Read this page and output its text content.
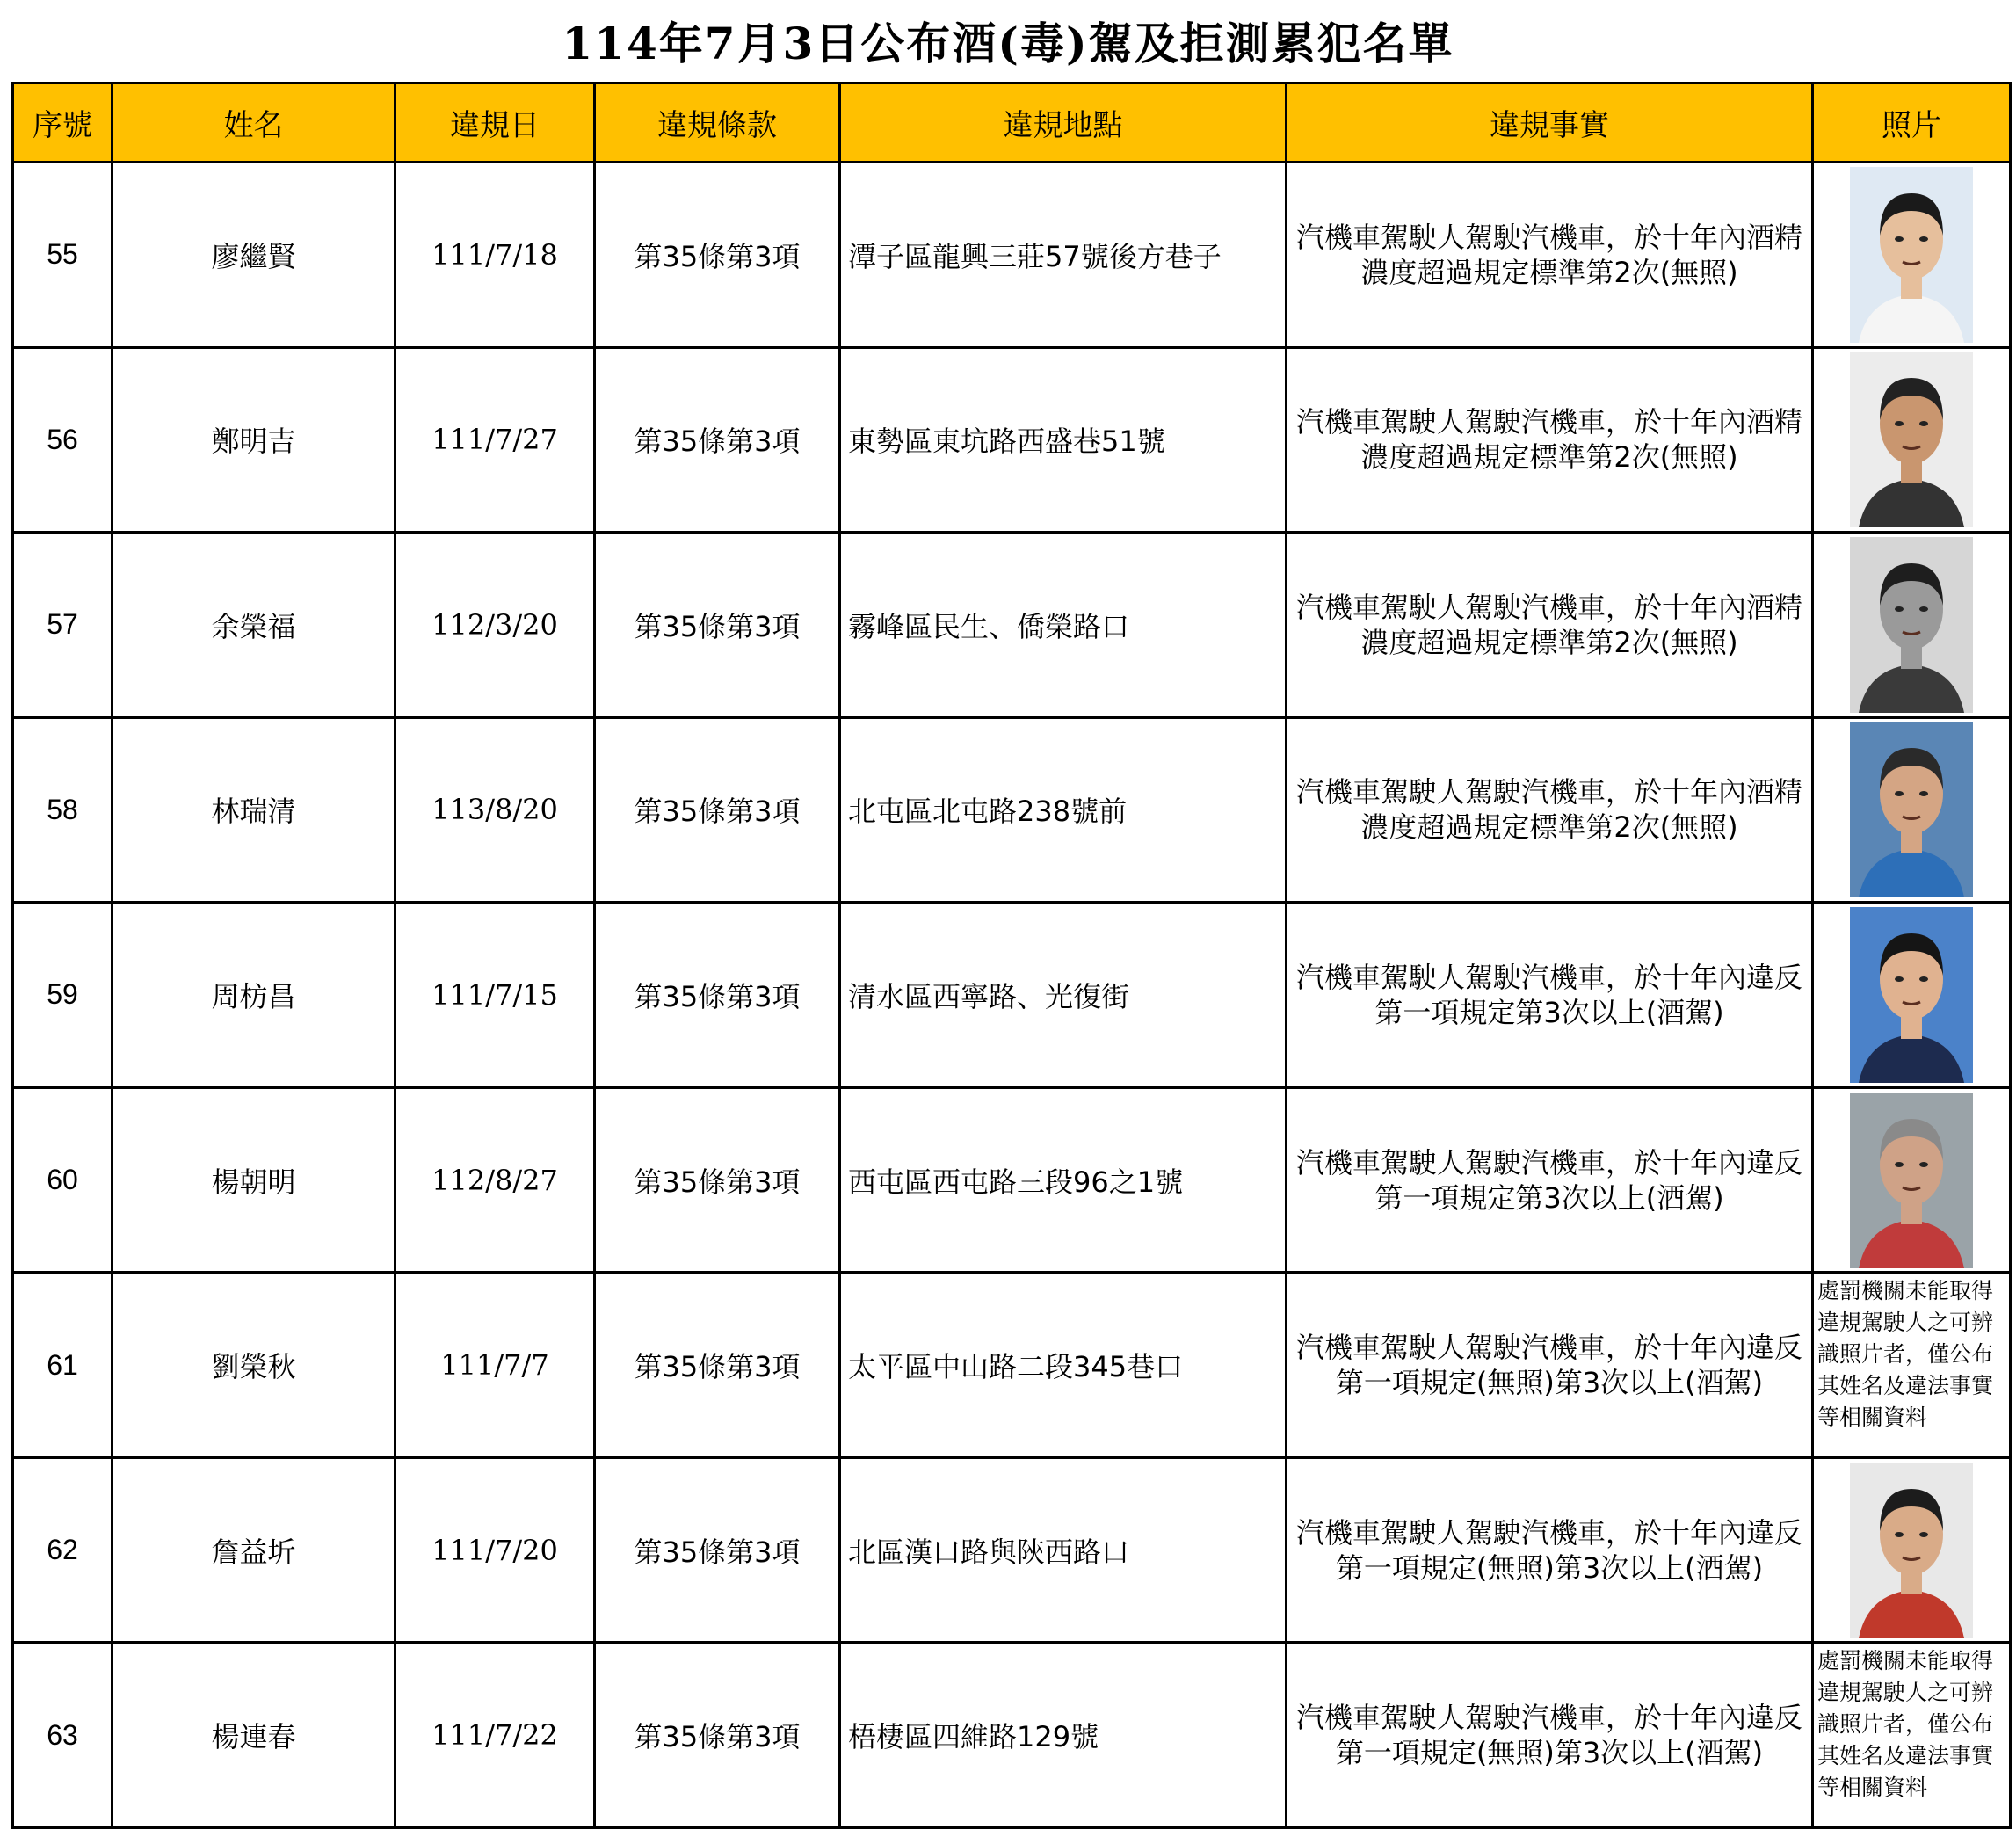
114年7月3日公布酒(毒)駕及拒測累犯名單
序號	姓名	違規日	違規條款	違規地點	違規事實	照片
55	廖繼賢	111/7/18	第35條第3項	潭子區龍興三莊57號後方巷子	汽機車駕駛人駕駛汽機車，於十年內酒精濃度超過規定標準第2次(無照)	

56	鄭明吉	111/7/27	第35條第3項	東勢區東坑路西盛巷51號	汽機車駕駛人駕駛汽機車，於十年內酒精濃度超過規定標準第2次(無照)	

57	余榮福	112/3/20	第35條第3項	霧峰區民生、僑榮路口	汽機車駕駛人駕駛汽機車，於十年內酒精濃度超過規定標準第2次(無照)	

58	林瑞清	113/8/20	第35條第3項	北屯區北屯路238號前	汽機車駕駛人駕駛汽機車，於十年內酒精濃度超過規定標準第2次(無照)	

59	周枋昌	111/7/15	第35條第3項	清水區西寧路、光復街	汽機車駕駛人駕駛汽機車，於十年內違反第一項規定第3次以上(酒駕)	

60	楊朝明	112/8/27	第35條第3項	西屯區西屯路三段96之1號	汽機車駕駛人駕駛汽機車，於十年內違反第一項規定第3次以上(酒駕)	

61	劉榮秋	111/7/7	第35條第3項	太平區中山路二段345巷口	汽機車駕駛人駕駛汽機車，於十年內違反第一項規定(無照)第3次以上(酒駕)	處罰機關未能取得違規駕駛人之可辨識照片者，僅公布 其姓名及違法事實等相關資料

62	詹益圻	111/7/20	第35條第3項	北區漢口路與陝西路口	汽機車駕駛人駕駛汽機車，於十年內違反第一項規定(無照)第3次以上(酒駕)	

63	楊連春	111/7/22	第35條第3項	梧棲區四維路129號	汽機車駕駛人駕駛汽機車，於十年內違反第一項規定(無照)第3次以上(酒駕)	處罰機關未能取得違規駕駛人之可辨識照片者，僅公布 其姓名及違法事實等相關資料
